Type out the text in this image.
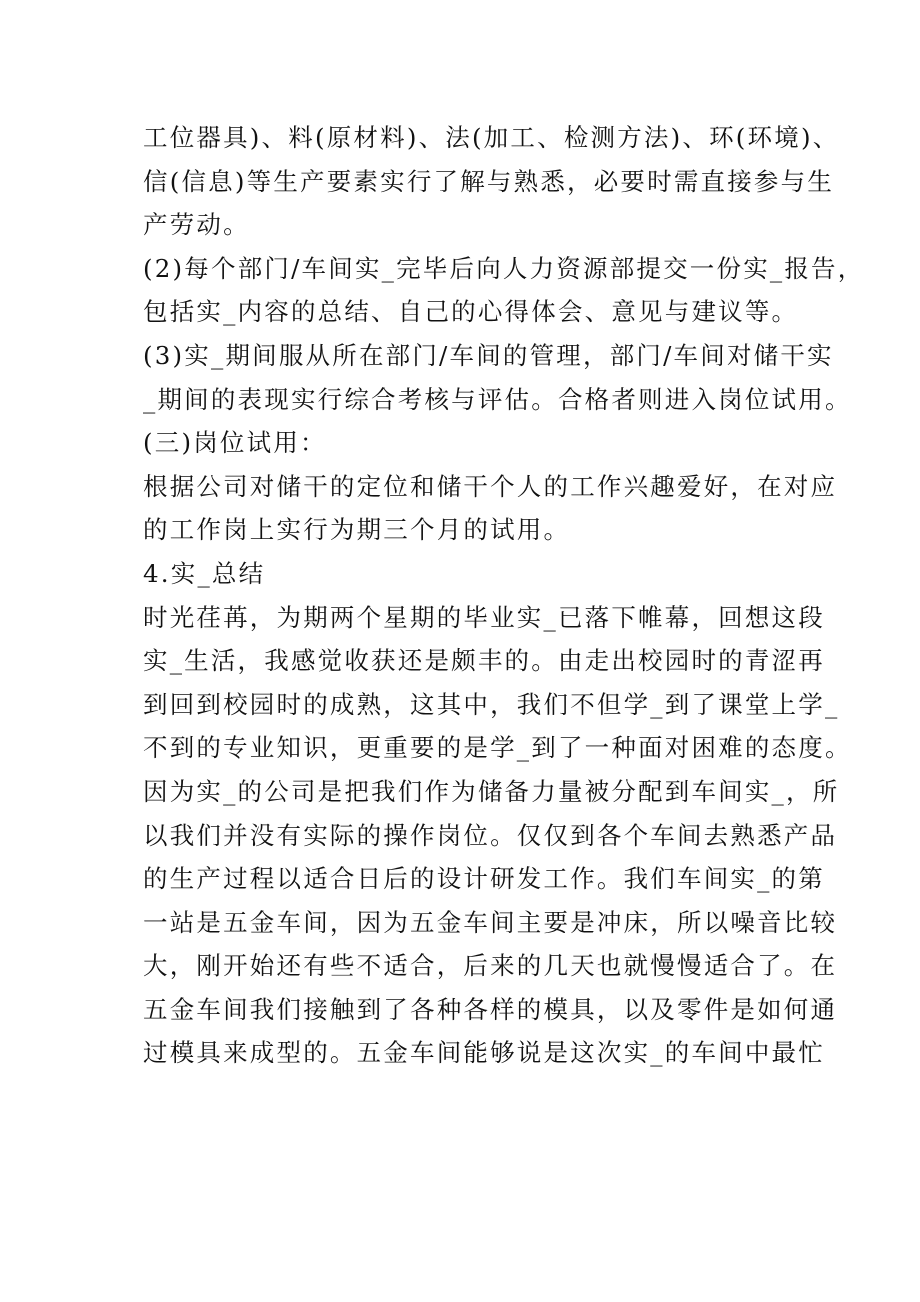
工位器具)、料(原材料)、法(加工、检测方法)、环(环境)、
信(信息)等生产要素实行了解与熟悉，必要时需直接参与生
产劳动。
(2)每个部门/车间实_完毕后向人力资源部提交一份实_报告，
包括实_内容的总结、自己的心得体会、意见与建议等。
(3)实_期间服从所在部门/车间的管理，部门/车间对储干实
_期间的表现实行综合考核与评估。合格者则进入岗位试用。
(三)岗位试用：
根据公司对储干的定位和储干个人的工作兴趣爱好，在对应
的工作岗上实行为期三个月的试用。
4.实_总结
时光荏苒，为期两个星期的毕业实_已落下帷幕，回想这段
实_生活，我感觉收获还是颇丰的。由走出校园时的青涩再
到回到校园时的成熟，这其中，我们不但学_到了课堂上学_
不到的专业知识，更重要的是学_到了一种面对困难的态度。
因为实_的公司是把我们作为储备力量被分配到车间实_，所
以我们并没有实际的操作岗位。仅仅到各个车间去熟悉产品
的生产过程以适合日后的设计研发工作。我们车间实_的第
一站是五金车间，因为五金车间主要是冲床，所以噪音比较
大，刚开始还有些不适合，后来的几天也就慢慢适合了。在
五金车间我们接触到了各种各样的模具，以及零件是如何通
过模具来成型的。五金车间能够说是这次实_的车间中最忙
